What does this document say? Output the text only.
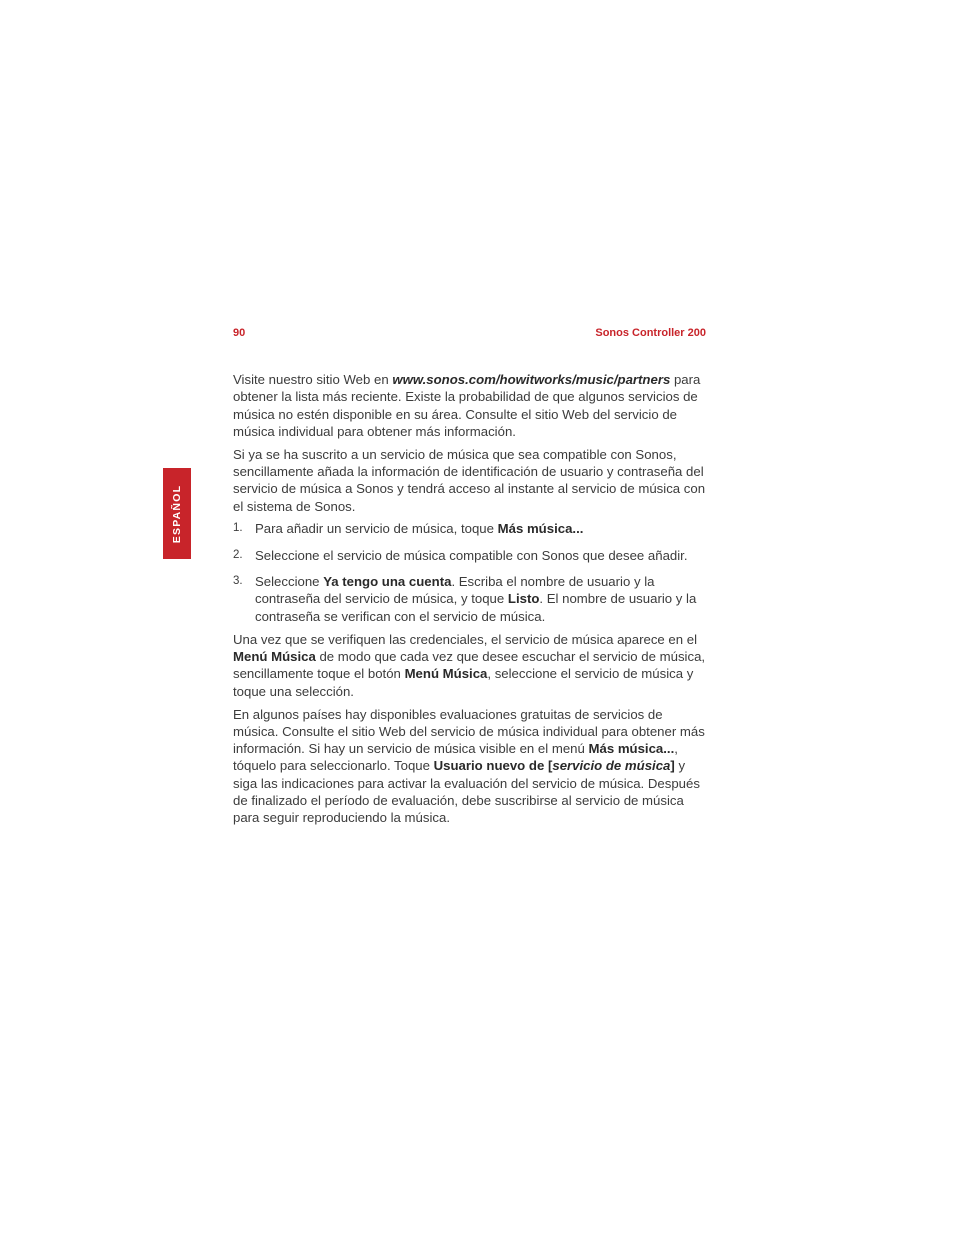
90	Sonos Controller 200
ESPAÑOL

Visite nuestro sitio Web en www.sonos.com/howitworks/music/partners para obtener la lista más reciente. Existe la probabilidad de que algunos servicios de música no estén disponible en su área. Consulte el sitio Web del servicio de música individual para obtener más información.

Si ya se ha suscrito a un servicio de música que sea compatible con Sonos, sencillamente añada la información de identificación de usuario y contraseña del servicio de música a Sonos y tendrá acceso al instante al servicio de música con el sistema de Sonos.

1. Para añadir un servicio de música, toque Más música...
2. Seleccione el servicio de música compatible con Sonos que desee añadir.
3. Seleccione Ya tengo una cuenta. Escriba el nombre de usuario y la contraseña del servicio de música, y toque Listo. El nombre de usuario y la contraseña se verifican con el servicio de música.

Una vez que se verifiquen las credenciales, el servicio de música aparece en el Menú Música de modo que cada vez que desee escuchar el servicio de música, sencillamente toque el botón Menú Música, seleccione el servicio de música y toque una selección.

En algunos países hay disponibles evaluaciones gratuitas de servicios de música. Consulte el sitio Web del servicio de música individual para obtener más información. Si hay un servicio de música visible en el menú Más música..., tóquelo para seleccionarlo. Toque Usuario nuevo de [servicio de música] y siga las indicaciones para activar la evaluación del servicio de música. Después de finalizado el período de evaluación, debe suscribirse al servicio de música para seguir reproduciendo la música.
